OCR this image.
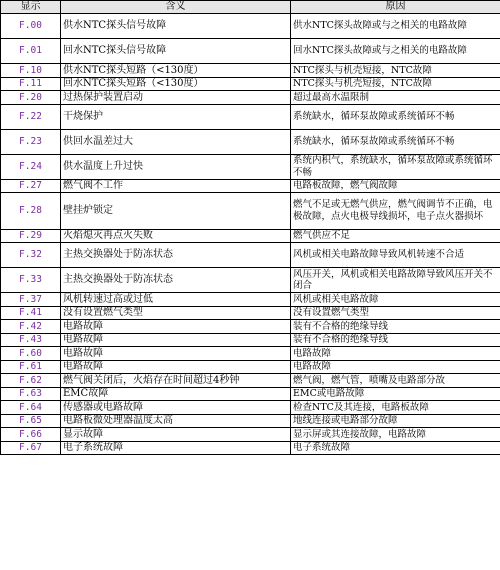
显示	含义	原因
F.00	供水NTC探头信号故障	供水NTC探头故障或与之相关的电路故障
F.01	回水NTC探头信号故障	回水NTC探头故障或与之相关的电路故障
F.10	供水NTC探头短路（<130度）	NTC探头与机壳短接，NTC故障
F.11	回水NTC探头短路（<130度）	NTC探头与机壳短接，NTC故障
F.20	过热保护装置启动	超过最高水温限制
F.22	干烧保护	系统缺水，循环泵故障或系统循环不畅
F.23	供回水温差过大	系统缺水，循环泵故障或系统循环不畅
F.24	供水温度上升过快	系统内积气，系统缺水，循环泵故障或系统循环不畅
F.27	燃气阀不工作	电路板故障，燃气阀故障
F.28	壁挂炉锁定	燃气不足或无燃气供应，燃气阀调节不正确，电极故障，点火电极导线损坏，电子点火器损坏
F.29	火焰熄灭再点火失败	燃气供应不足
F.32	主热交换器处于防冻状态	风机或相关电路故障导致风机转速不合适
F.33	主热交换器处于防冻状态	风压开关，风机或相关电路故障导致风压开关不闭合
F.37	风机转速过高或过低	风机或相关电路故障
F.41	没有设置燃气类型	没有设置燃气类型
F.42	电路故障	装有不合格的绝缘导线
F.43	电路故障	装有不合格的绝缘导线
F.60	电路故障	电路故障
F.61	电路故障	电路故障
F.62	燃气阀关闭后，火焰存在时间超过4秒钟	燃气阀，燃气管，喷嘴及电路部分故
F.63	EMC故障	EMC或电路故障
F.64	传感器或电路故障	检查NTC及其连接，电路板故障
F.65	电路板微处理器温度太高	地线连接或电路部分故障
F.66	显示故障	显示屏或其连接故障，电路故障
F.67	电子系统故障	电子系统故障
